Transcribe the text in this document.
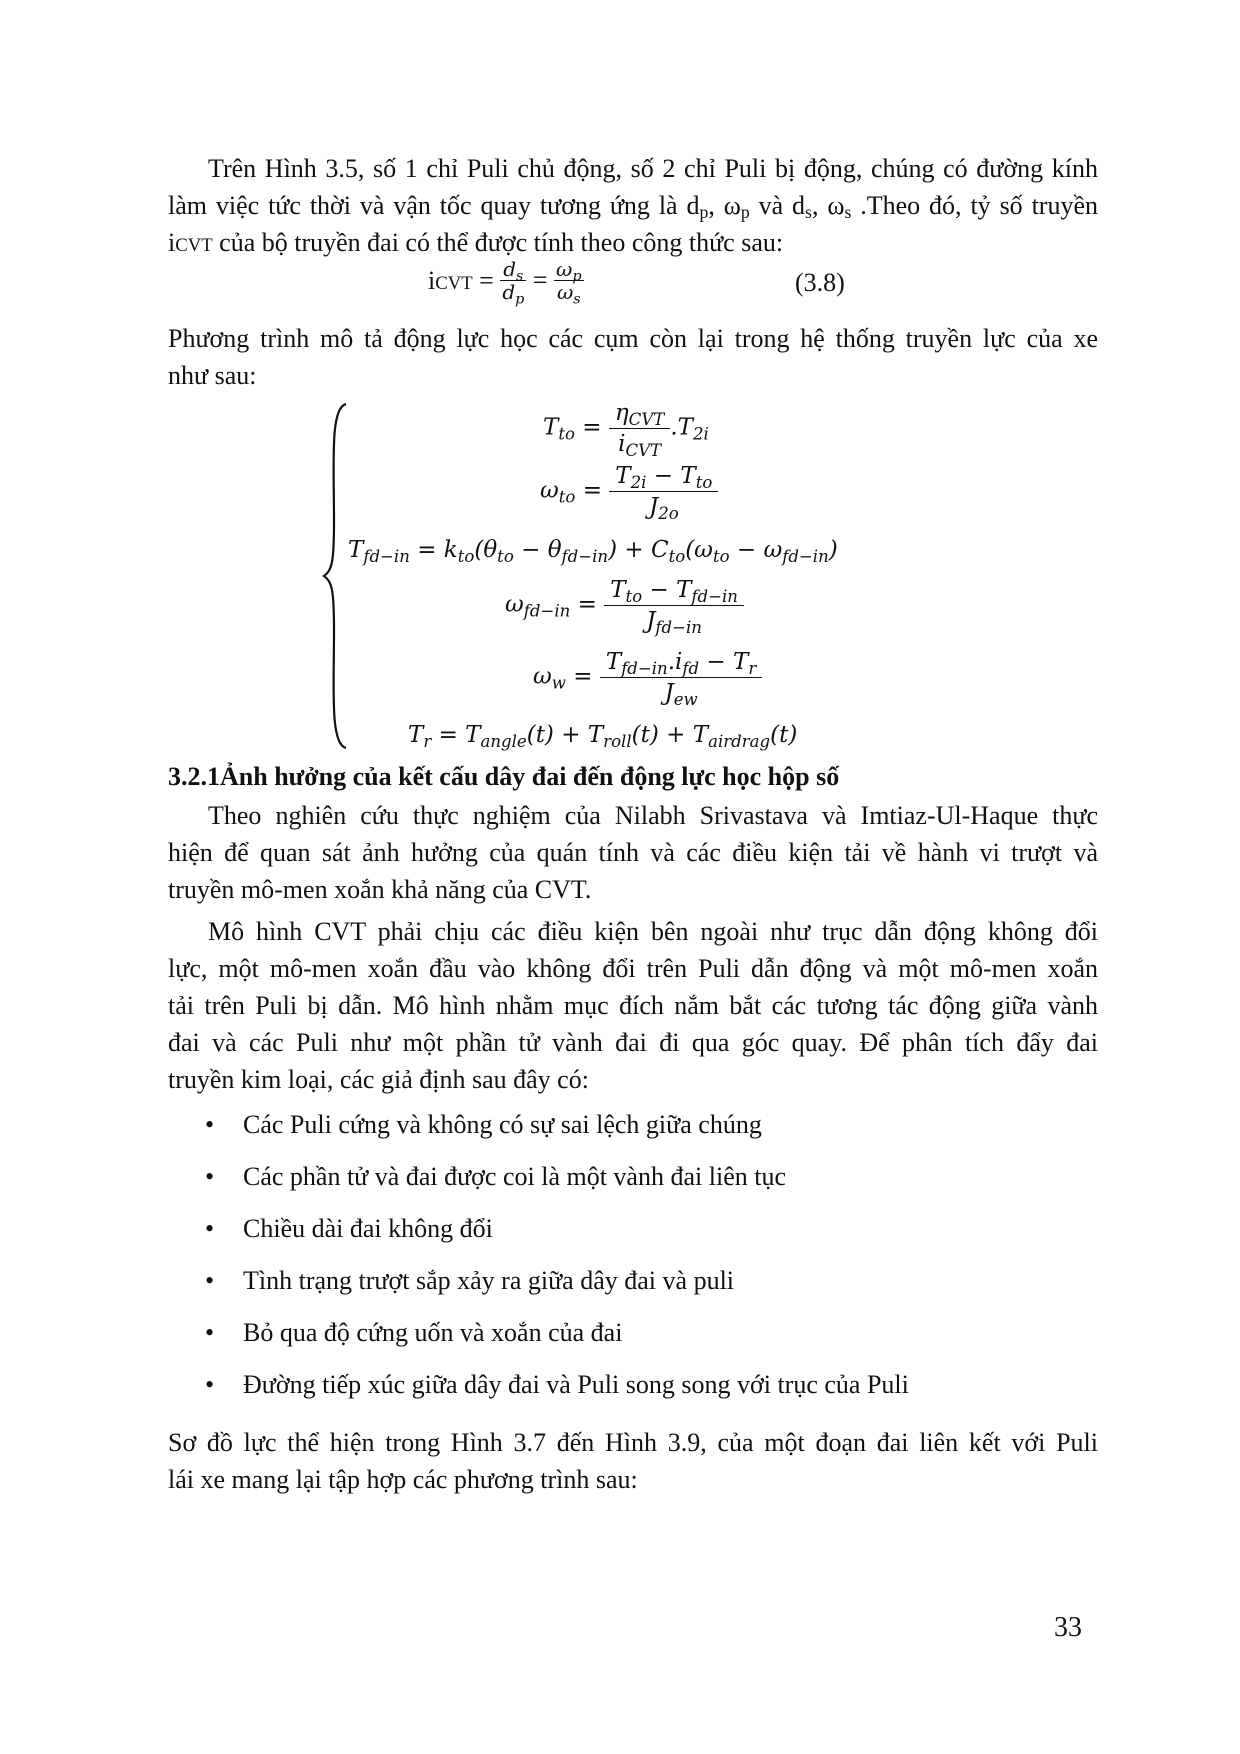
Trên Hình 3.5, số 1 chỉ Puli chủ động, số 2 chỉ Puli bị động, chúng có đường kính

làm việc tức thời và vận tốc quay tương ứng là $d_p$, $\omega_p$ và $d_s$, $\omega_s$ .Theo đó, tỷ số truyền

iCVT của bộ truyền đai có thể được tính theo công thức sau:

iCVT = $\frac{d_s}{d_p} = \frac{\omega_p}{\omega_s}$	(3.8)

Phương trình mô tả động lực học các cụm còn lại trong hệ thống truyền lực của xe

như sau:

$T_{to} = \frac{\eta_{CVT}}{i_{CVT}} .T_{2i}$
$\omega_{to} = \frac{T_{2i} - T_{to}}{J_{2o}}$
$T_{fd-in} = k_{to}(\theta_{to} - \theta_{fd-in}) + C_{to}(\omega_{to} - \omega_{fd-in})$
$\omega_{fd-in} = \frac{T_{to} - T_{fd-in}}{J_{fd-in}}$
$\omega_w = \frac{T_{fd-in}.i_{fd} - T_r}{J_{ew}}$
$T_r = T_{angle}(t) + T_{roll}(t) + T_{airdrag}(t)$
3.2.1Ảnh hưởng của kết cấu dây đai đến động lực học hộp số

Theo nghiên cứu thực nghiệm của Nilabh Srivastava và Imtiaz-Ul-Haque thực

hiện để quan sát ảnh hưởng của quán tính và các điều kiện tải về hành vi trượt và

truyền mô-men xoắn khả năng của CVT.

Mô hình CVT phải chịu các điều kiện bên ngoài như trục dẫn động không đổi

lực, một mô-men xoắn đầu vào không đổi trên Puli dẫn động và một mô-men xoắn

tải trên Puli bị dẫn. Mô hình nhằm mục đích nắm bắt các tương tác động giữa vành

đai và các Puli như một phần tử vành đai đi qua góc quay. Để phân tích đẩy đai

truyền kim loại, các giả định sau đây có:

• Các Puli cứng và không có sự sai lệch giữa chúng
• Các phần tử và đai được coi là một vành đai liên tục
• Chiều dài đai không đổi
• Tình trạng trượt sắp xảy ra giữa dây đai và puli
• Bỏ qua độ cứng uốn và xoắn của đai
• Đường tiếp xúc giữa dây đai và Puli song song với trục của Puli

Sơ đồ lực thể hiện trong Hình 3.7 đến Hình 3.9, của một đoạn đai liên kết với Puli

lái xe mang lại tập hợp các phương trình sau:

33
